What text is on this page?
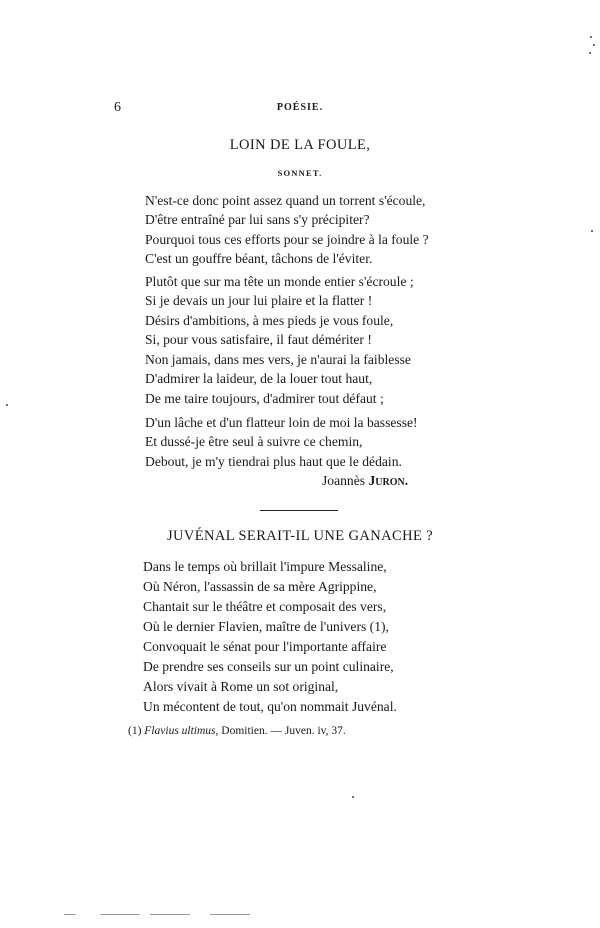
6	POÉSIE.
LOIN DE LA FOULE,
SONNET.
N'est-ce donc point assez quand un torrent s'écoule,
D'être entraîné par lui sans s'y précipiter?
Pourquoi tous ces efforts pour se joindre à la foule ?
C'est un gouffre béant, tâchons de l'éviter.
Plutôt que sur ma tête un monde entier s'écroule ;
Si je devais un jour lui plaire et la flatter !
Désirs d'ambitions, à mes pieds je vous foule,
Si, pour vous satisfaire, il faut démériter !
Non jamais, dans mes vers, je n'aurai la faiblesse
D'admirer la laideur, de la louer tout haut,
De me taire toujours, d'admirer tout défaut ;
D'un lâche et d'un flatteur loin de moi la bassesse!
Et dussé-je être seul à suivre ce chemin,
Debout, je m'y tiendrai plus haut que le dédain.
Joannès Juron.
JUVÉNAL SERAIT-IL UNE GANACHE ?
Dans le temps où brillait l'impure Messaline,
Où Néron, l'assassin de sa mère Agrippine,
Chantait sur le théâtre et composait des vers,
Où le dernier Flavien, maître de l'univers (1),
Convoquait le sénat pour l'importante affaire
De prendre ses conseils sur un point culinaire,
Alors vivait à Rome un sot original,
Un mécontent de tout, qu'on nommait Juvénal.
(1) Flavius ultimus, Domitien. — Juven. iv, 37.
